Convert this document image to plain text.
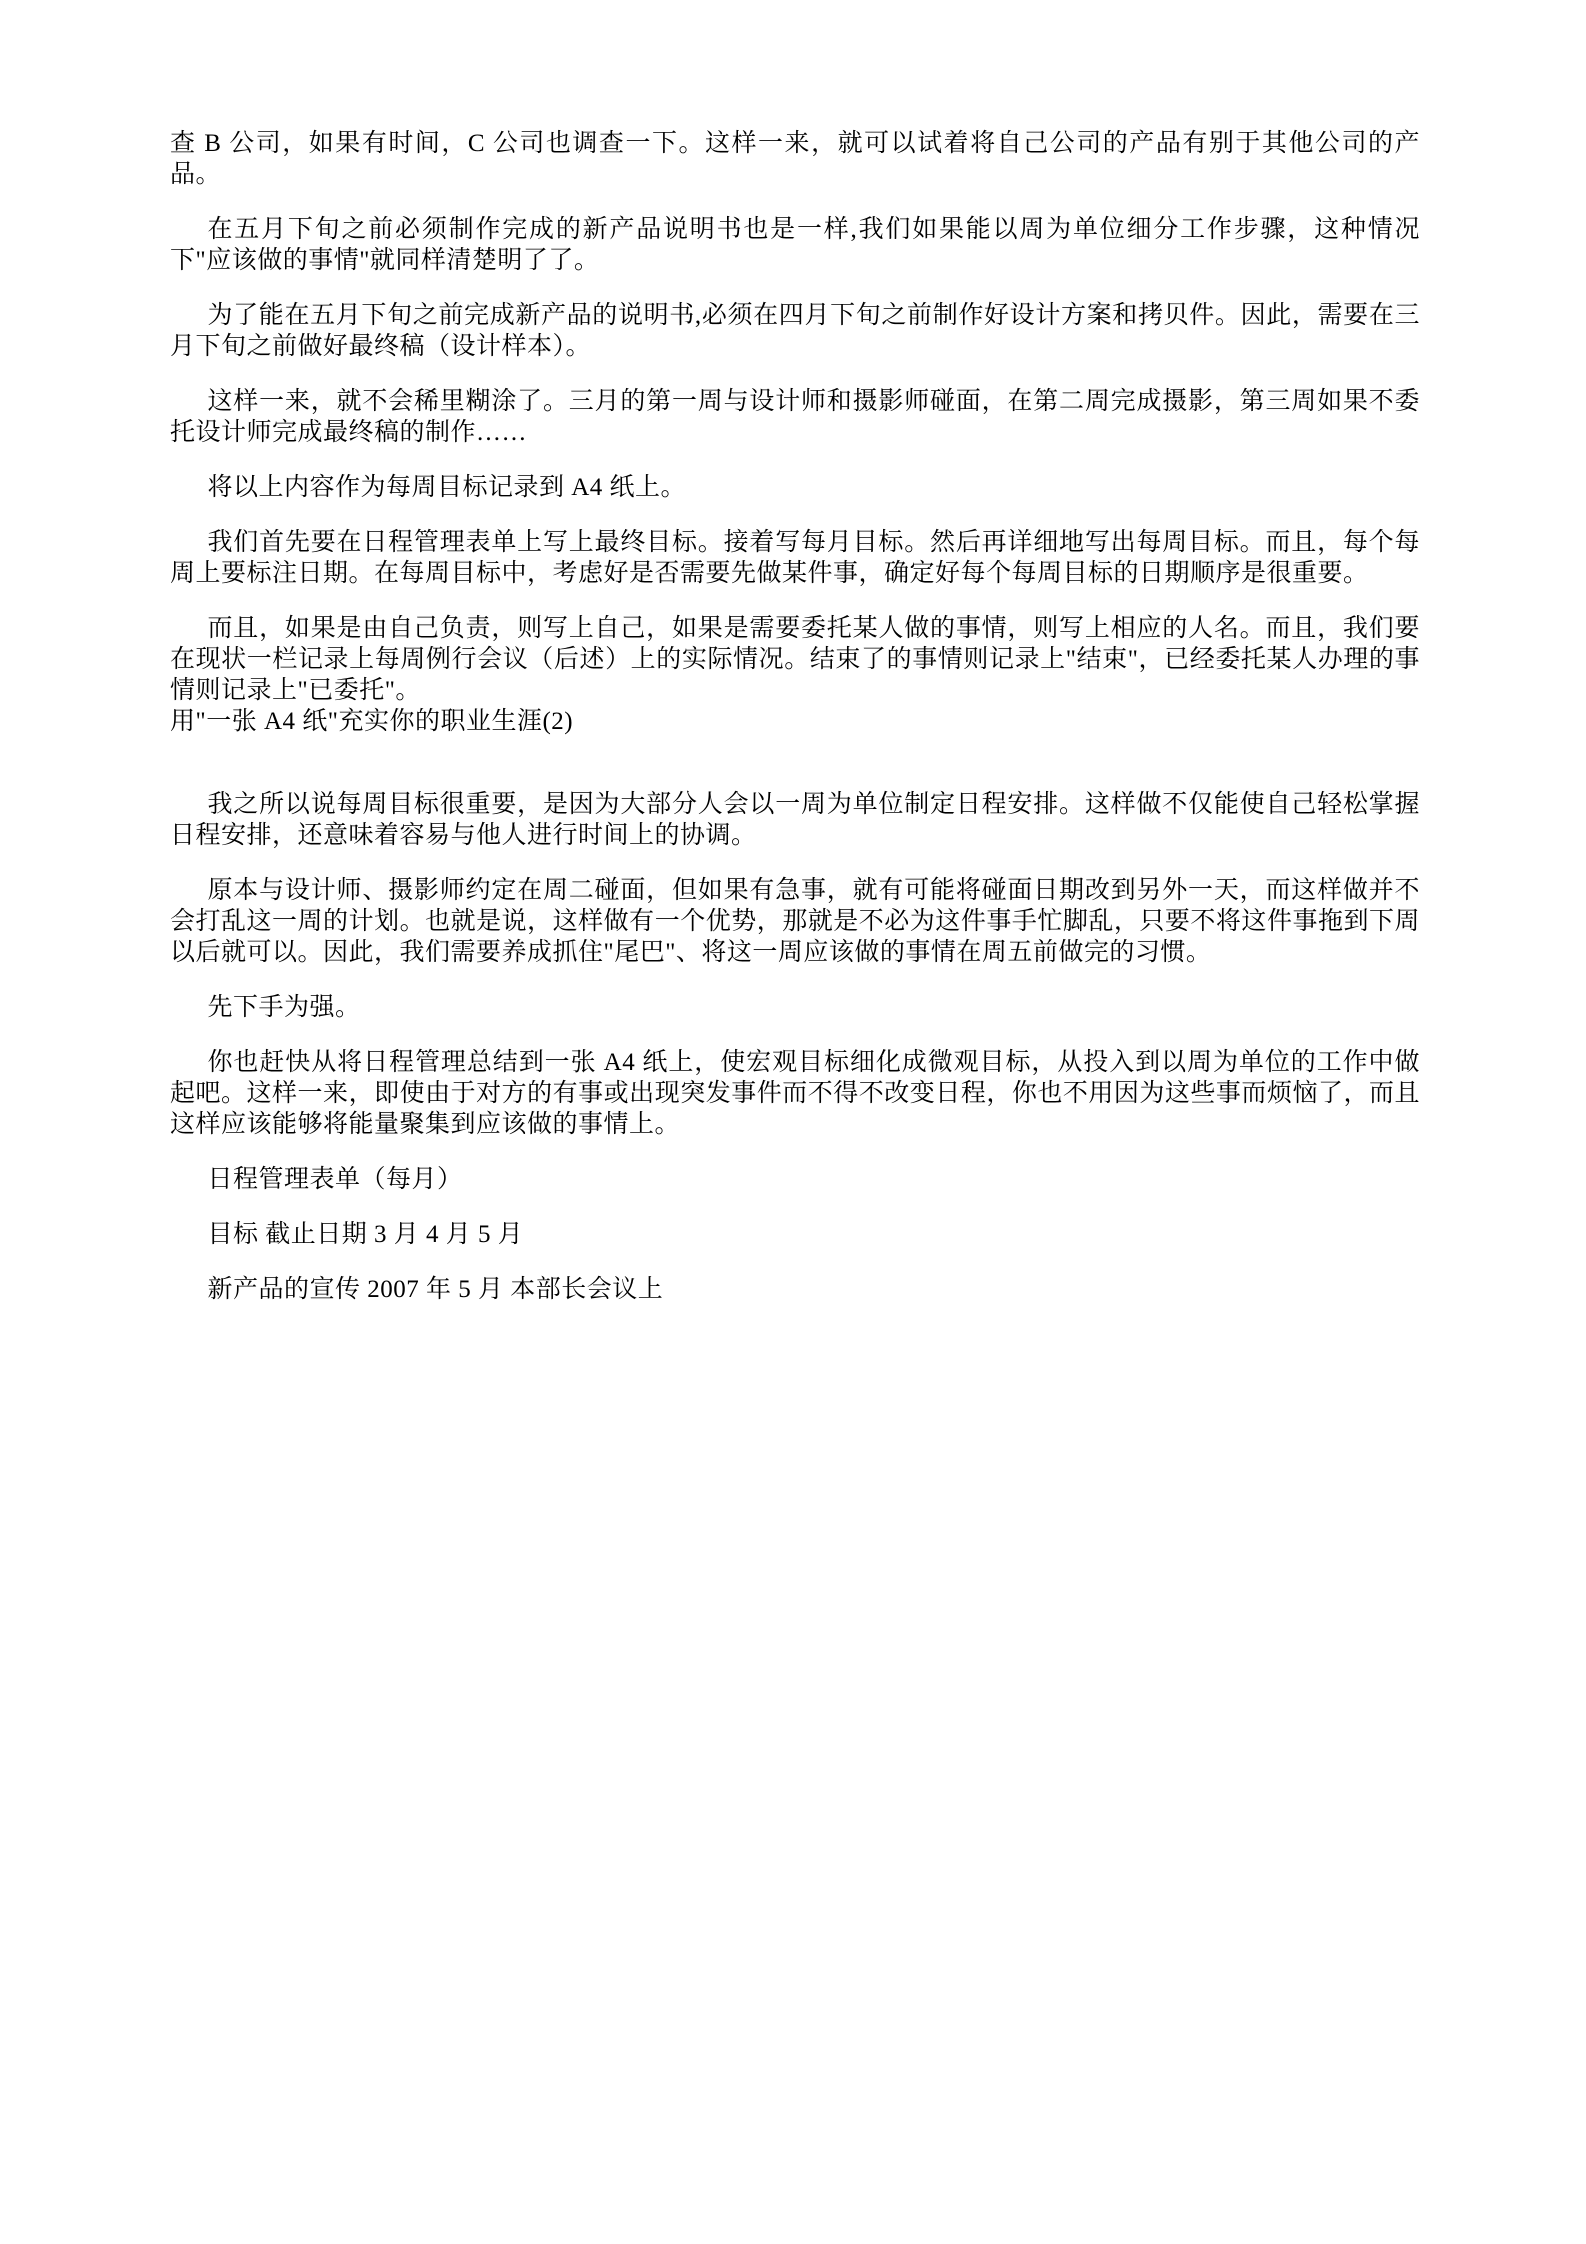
查 B 公司，如果有时间，C 公司也调查一下。这样一来，就可以试着将自己公司的产品有别于其他公司的产品。

在五月下旬之前必须制作完成的新产品说明书也是一样,我们如果能以周为单位细分工作步骤，这种情况下"应该做的事情"就同样清楚明了了。

为了能在五月下旬之前完成新产品的说明书,必须在四月下旬之前制作好设计方案和拷贝件。因此，需要在三月下旬之前做好最终稿（设计样本）。

这样一来，就不会稀里糊涂了。三月的第一周与设计师和摄影师碰面，在第二周完成摄影，第三周如果不委托设计师完成最终稿的制作……

将以上内容作为每周目标记录到 A4 纸上。

我们首先要在日程管理表单上写上最终目标。接着写每月目标。然后再详细地写出每周目标。而且，每个每周上要标注日期。在每周目标中，考虑好是否需要先做某件事，确定好每个每周目标的日期顺序是很重要。

而且，如果是由自己负责，则写上自己，如果是需要委托某人做的事情，则写上相应的人名。而且，我们要在现状一栏记录上每周例行会议（后述）上的实际情况。结束了的事情则记录上"结束"，已经委托某人办理的事情则记录上"已委托"。

用"一张 A4 纸"充实你的职业生涯(2)

我之所以说每周目标很重要，是因为大部分人会以一周为单位制定日程安排。这样做不仅能使自己轻松掌握日程安排，还意味着容易与他人进行时间上的协调。

原本与设计师、摄影师约定在周二碰面，但如果有急事，就有可能将碰面日期改到另外一天，而这样做并不会打乱这一周的计划。也就是说，这样做有一个优势，那就是不必为这件事手忙脚乱，只要不将这件事拖到下周以后就可以。因此，我们需要养成抓住"尾巴"、将这一周应该做的事情在周五前做完的习惯。

先下手为强。

你也赶快从将日程管理总结到一张 A4 纸上，使宏观目标细化成微观目标，从投入到以周为单位的工作中做起吧。这样一来，即使由于对方的有事或出现突发事件而不得不改变日程，你也不用因为这些事而烦恼了，而且这样应该能够将能量聚集到应该做的事情上。

日程管理表单（每月）

目标 截止日期 3 月 4 月 5 月

新产品的宣传 2007 年 5 月 本部长会议上
